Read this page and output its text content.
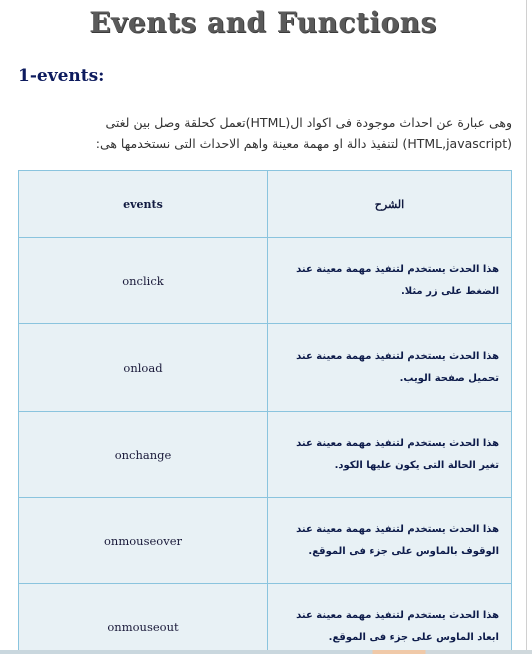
Events and Functions
1-events:

وهى عبارة عن احداث موجودة فى اكواد ال(HTML)تعمل كحلقة وصل بين لغتى

(HTML,javascript) لتنفيذ دالة او مهمة معينة واهم الاحداث التى نستخدمها هى:

events	الشرح
onclick	هذا الحدث يستخدم لتنفيذ مهمة معينة عند الضغط على زر مثلا.
onload	هذا الحدث يستخدم لتنفيذ مهمة معينة عند تحميل صفحة الويب.
onchange	هذا الحدث يستخدم لتنفيذ مهمة معينة عند تغير الحالة التى يكون عليها الكود.
onmouseover	هذا الحدث يستخدم لتنفيذ مهمة معينة عند الوقوف بالماوس على جزء فى الموقع.
onmouseout	هذا الحدث يستخدم لتنفيذ مهمة معينة عند ابعاد الماوس على جزء فى الموقع.
